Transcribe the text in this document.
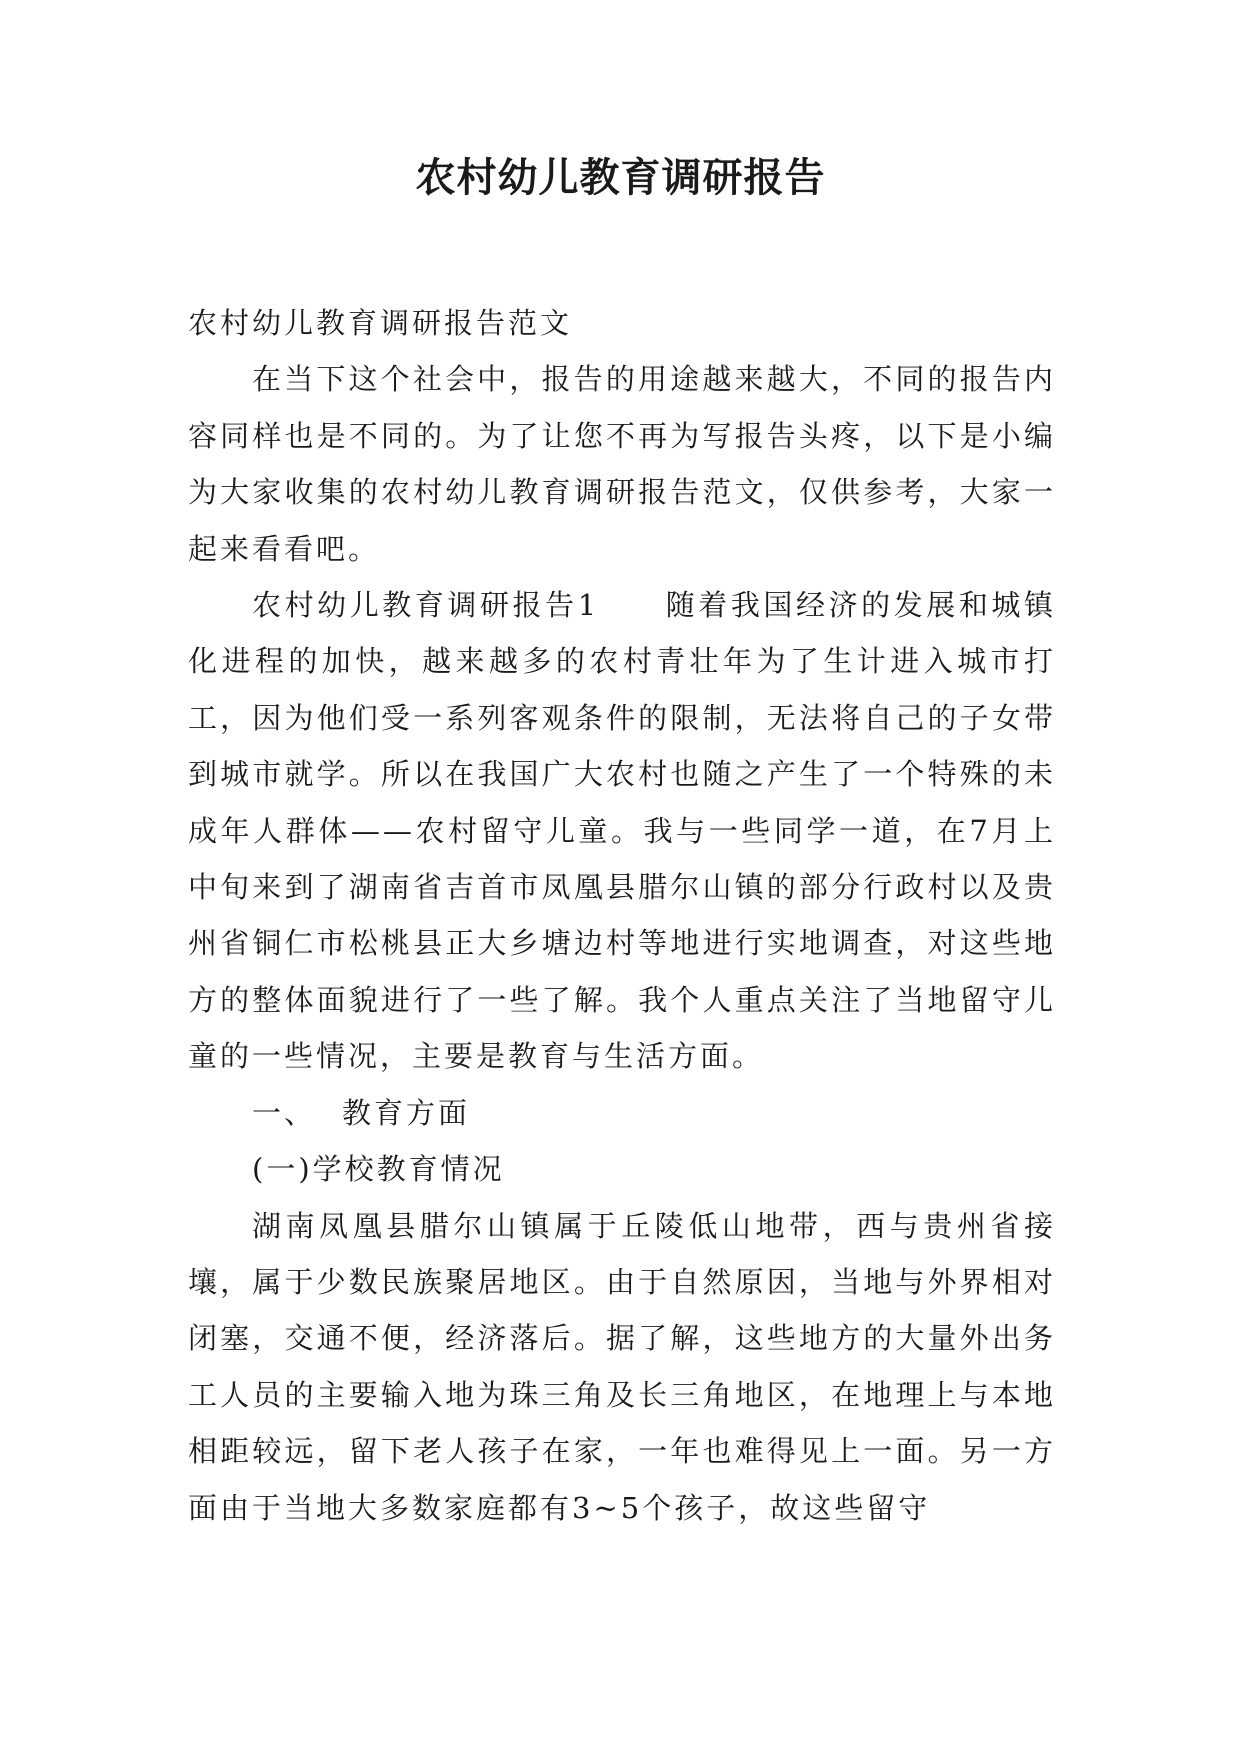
农村幼儿教育调研报告

农村幼儿教育调研报告范文

在当下这个社会中，报告的用途越来越大，不同的报告内容同样也是不同的。为了让您不再为写报告头疼，以下是小编为大家收集的农村幼儿教育调研报告范文，仅供参考，大家一起来看看吧。

农村幼儿教育调研报告1 随着我国经济的发展和城镇化进程的加快，越来越多的农村青壮年为了生计进入城市打工，因为他们受一系列客观条件的限制，无法将自己的子女带到城市就学。所以在我国广大农村也随之产生了一个特殊的未成年人群体——农村留守儿童。我与一些同学一道，在7月上中旬来到了湖南省吉首市凤凰县腊尔山镇的部分行政村以及贵州省铜仁市松桃县正大乡塘边村等地进行实地调查，对这些地方的整体面貌进行了一些了解。我个人重点关注了当地留守儿童的一些情况，主要是教育与生活方面。

一、 教育方面

(一)学校教育情况

湖南凤凰县腊尔山镇属于丘陵低山地带，西与贵州省接壤，属于少数民族聚居地区。由于自然原因，当地与外界相对闭塞，交通不便，经济落后。据了解，这些地方的大量外出务工人员的主要输入地为珠三角及长三角地区，在地理上与本地相距较远，留下老人孩子在家，一年也难得见上一面。另一方面由于当地大多数家庭都有3~5个孩子，故这些留守
